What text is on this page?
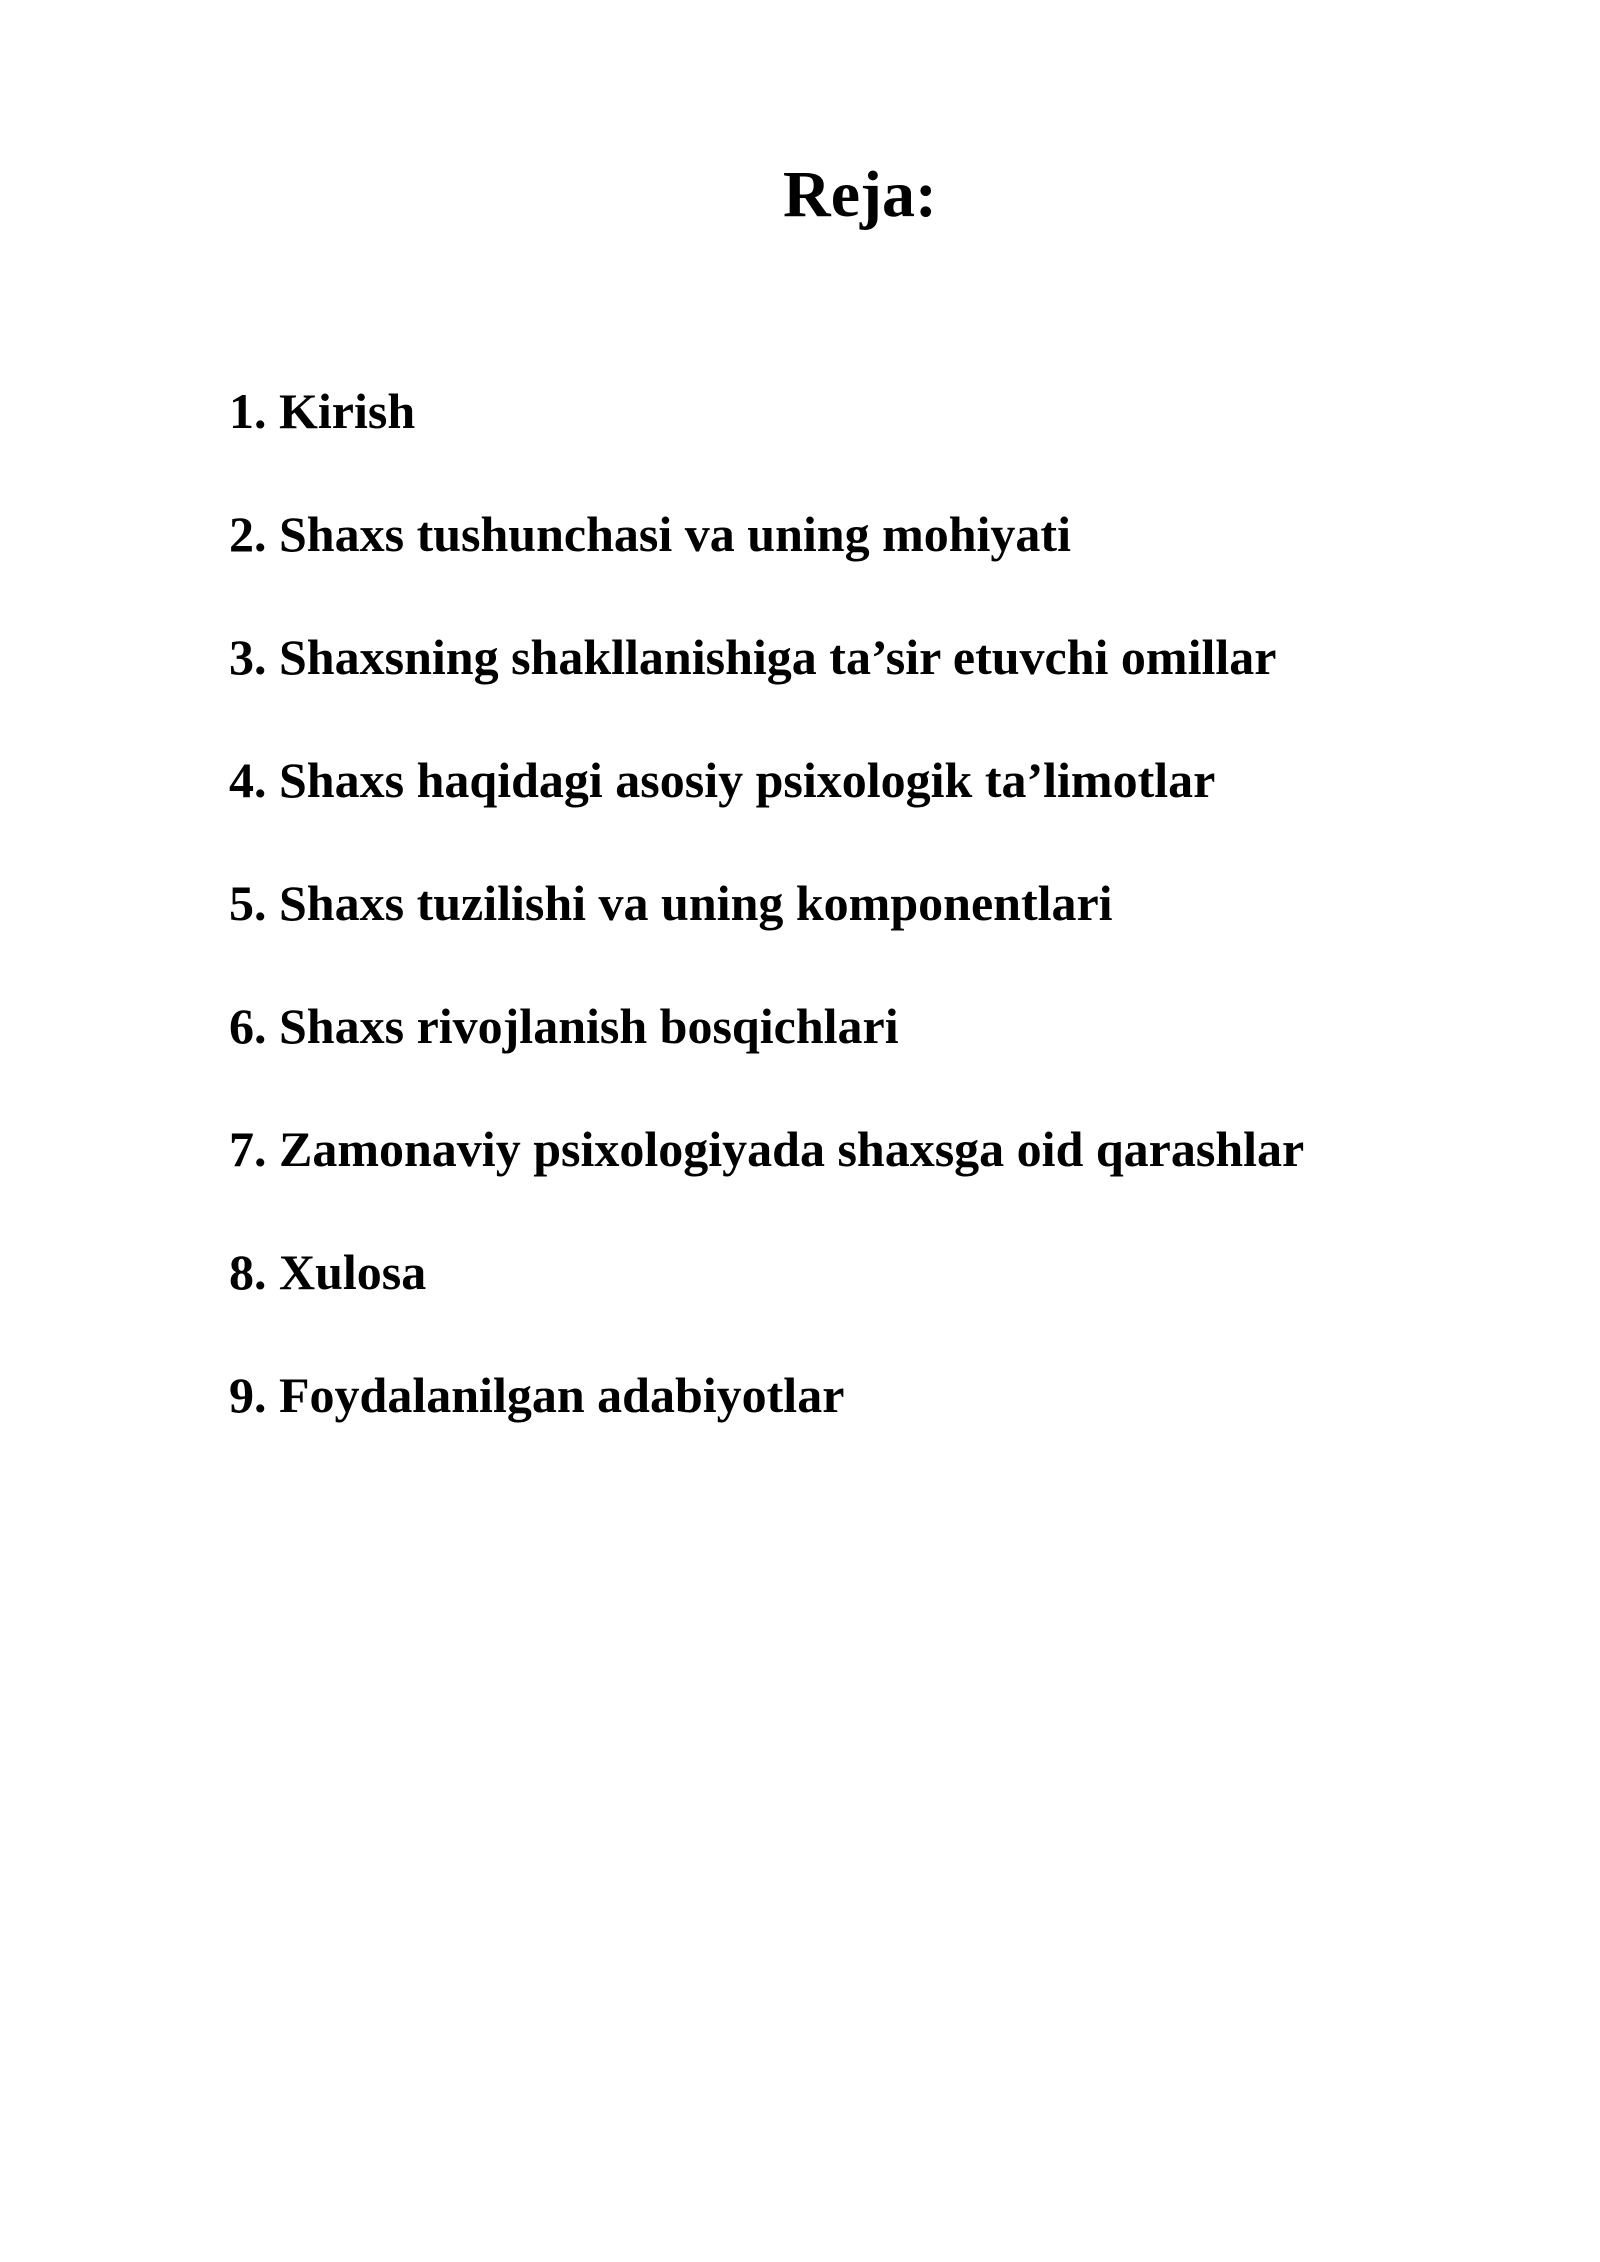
Reja:
1. Kirish
2. Shaxs tushunchasi va uning mohiyati
3. Shaxsning shakllanishiga ta’sir etuvchi omillar
4. Shaxs haqidagi asosiy psixologik ta’limotlar
5. Shaxs tuzilishi va uning komponentlari
6. Shaxs rivojlanish bosqichlari
7. Zamonaviy psixologiyada shaxsga oid qarashlar
8. Xulosa
9. Foydalanilgan adabiyotlar
